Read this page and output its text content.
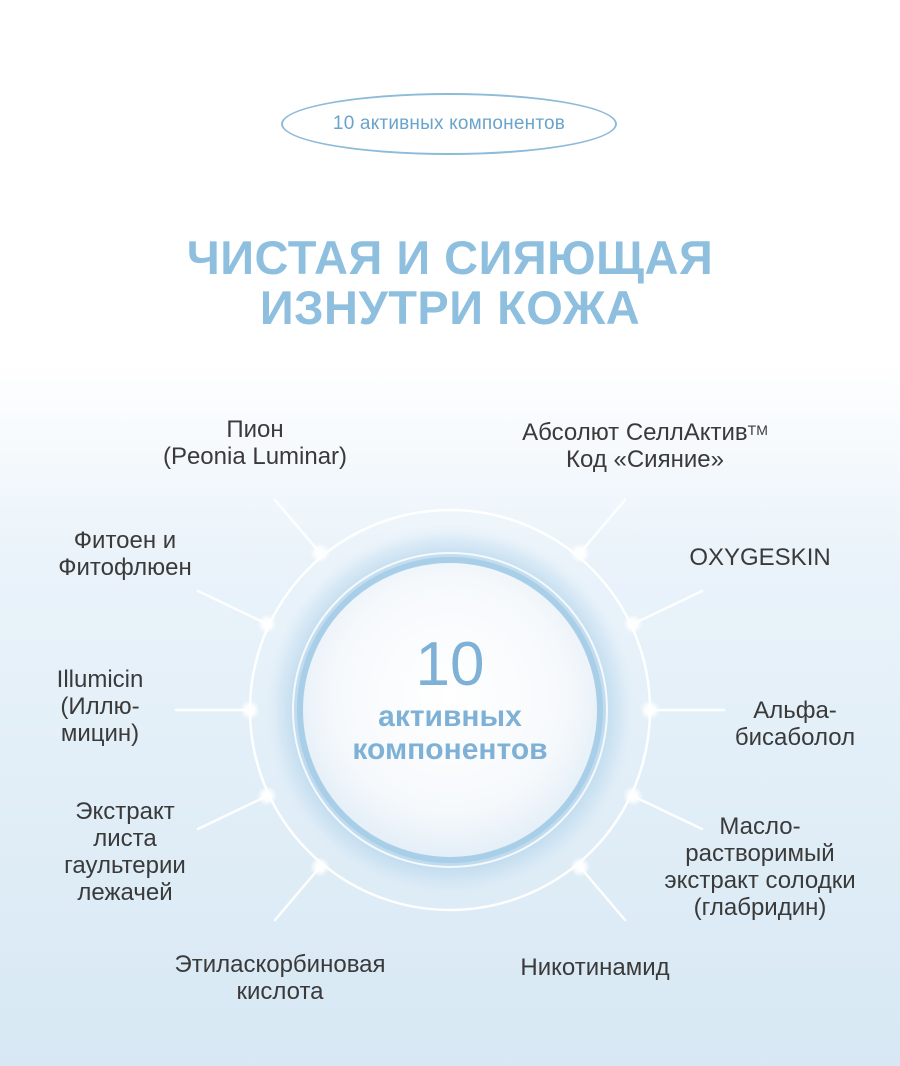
10 активных компонентов
ЧИСТАЯ И СИЯЮЩАЯ
ИЗНУТРИ КОЖА
10
активных
компонентов
Пион
(Peonia Luminar)
Абсолют СеллАктив™
Код «Сияние»
Фитоен и
Фитофлюен	OXYGESKIN
Illumicin
(Иллю-
мицин)
Альфа-
бисаболол
Экстракт
листа
гаультерии
лежачей
Масло-
растворимый
экстракт солодки
(глабридин)
Этиласкорбиновая
кислота
Никотинамид
